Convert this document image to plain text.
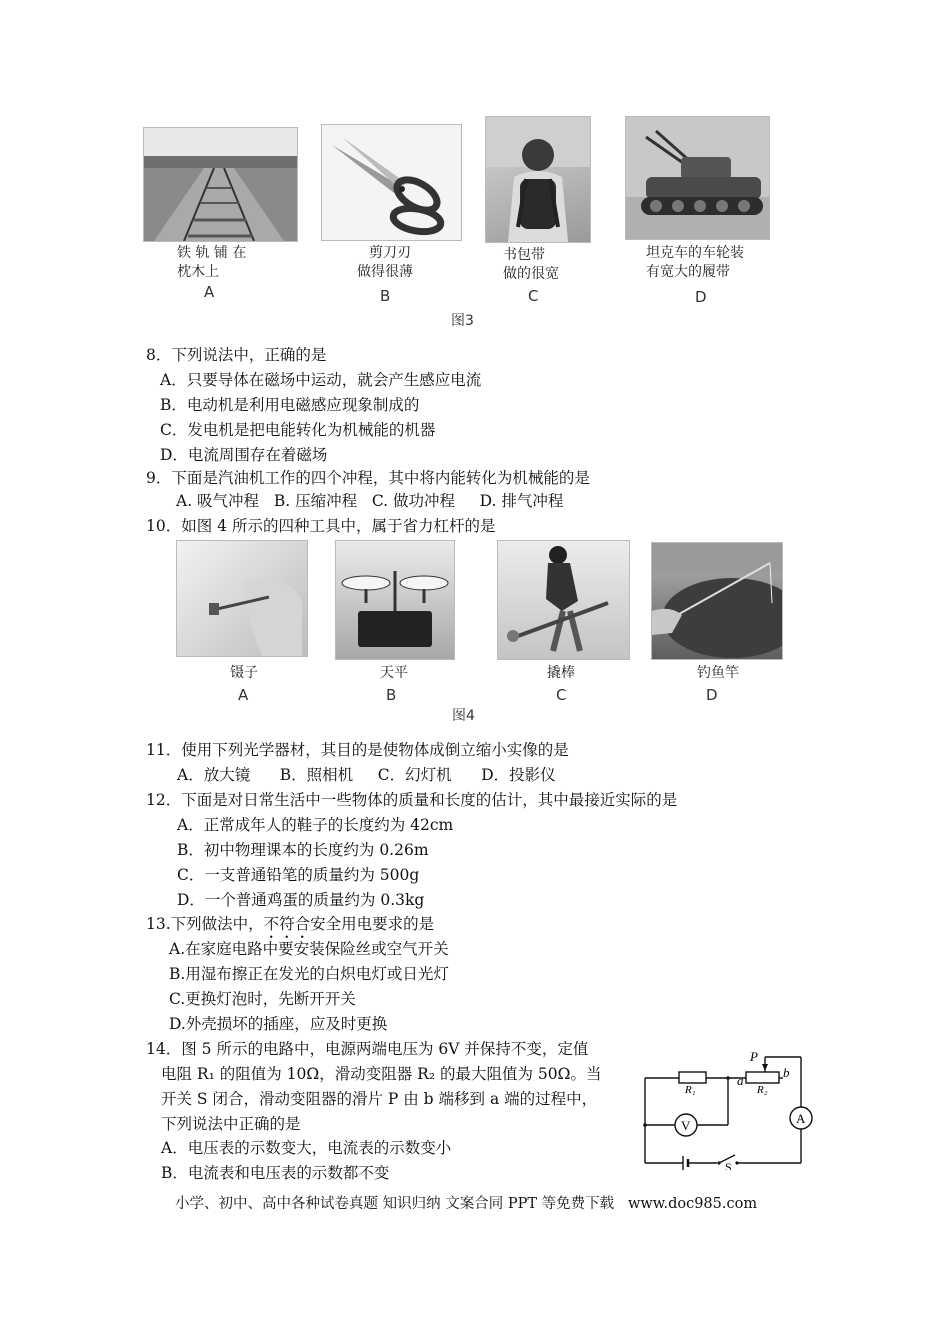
铁 轨 铺 在
枕木上
A
剪刀刃
做得很薄
B
书包带
做的很宽
C
坦克车的车轮装
有宽大的履带
D
图3
8．下列说法中，正确的是
A．只要导体在磁场中运动，就会产生感应电流
B．电动机是利用电磁感应现象制成的
C．发电机是把电能转化为机械能的机器
D．电流周围存在着磁场
9．下面是汽油机工作的四个冲程，其中将内能转化为机械能的是
A. 吸气冲程   B. 压缩冲程   C. 做功冲程     D. 排气冲程
10．如图 4 所示的四种工具中，属于省力杠杆的是
镊子
A
天平
B
撬棒
C
钓鱼竿
D
图4
11．使用下列光学器材，其目的是使物体成倒立缩小实像的是
A．放大镜      B．照相机     C．幻灯机      D．投影仪
12．下面是对日常生活中一些物体的质量和长度的估计，其中最接近实际的是
A．正常成年人的鞋子的长度约为 42cm
B．初中物理课本的长度约为 0.26m
C．一支普通铅笔的质量约为 500g
D．一个普通鸡蛋的质量约为 0.3kg
13.下列做法中，不符合安全用电要求的是
A.在家庭电路中要安装保险丝或空气开关
B.用湿布擦正在发光的白炽电灯或日光灯
C.更换灯泡时，先断开开关
D.外壳损坏的插座，应及时更换
14．图 5 所示的电路中，电源两端电压为 6V 并保持不变，定值
电阻 R₁ 的阻值为 10Ω，滑动变阻器 R₂ 的最大阻值为 50Ω。当
开关 S 闭合，滑动变阻器的滑片 P 由 b 端移到 a 端的过程中，
下列说法中正确的是
A．电压表的示数变大，电流表的示数变小
B．电流表和电压表的示数都不变
P
R₁	R₂
a
b
V	A
S
小学、初中、高中各种试卷真题 知识归纳 文案合同 PPT 等免费下载   www.doc985.com
